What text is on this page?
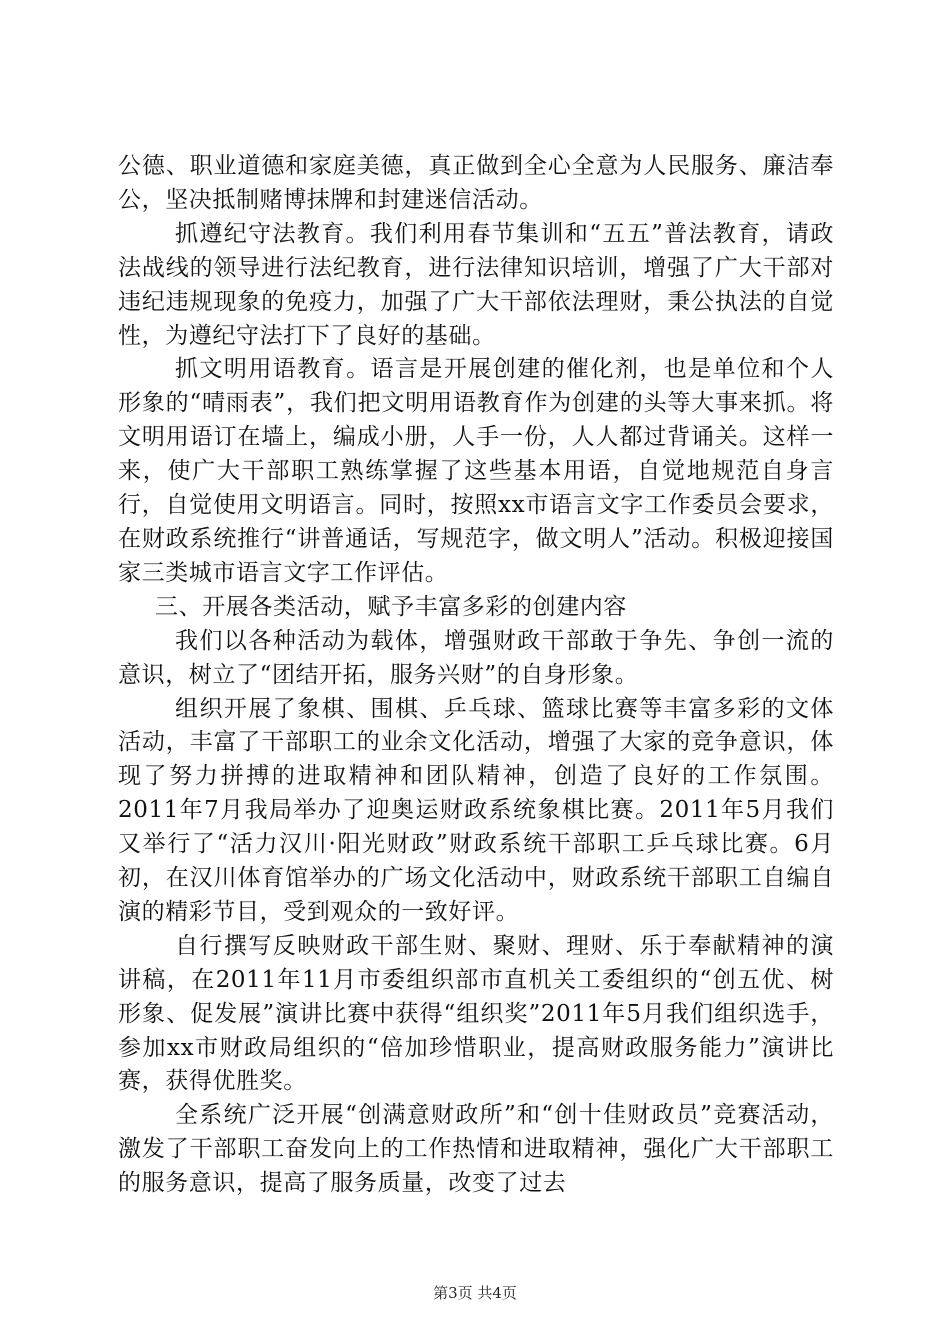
公德、职业道德和家庭美德，真正做到全心全意为人民服务、廉洁奉公，坚决抵制赌博抹牌和封建迷信活动。

抓遵纪守法教育。我们利用春节集训和“五五”普法教育，请政法战线的领导进行法纪教育，进行法律知识培训，增强了广大干部对违纪违规现象的免疫力，加强了广大干部依法理财，秉公执法的自觉性，为遵纪守法打下了良好的基础。

抓文明用语教育。语言是开展创建的催化剂，也是单位和个人形象的“晴雨表”，我们把文明用语教育作为创建的头等大事来抓。将文明用语订在墙上，编成小册，人手一份，人人都过背诵关。这样一来，使广大干部职工熟练掌握了这些基本用语，自觉地规范自身言行，自觉使用文明语言。同时，按照xx市语言文字工作委员会要求，在财政系统推行“讲普通话，写规范字，做文明人”活动。积极迎接国家三类城市语言文字工作评估。

三、开展各类活动，赋予丰富多彩的创建内容

我们以各种活动为载体，增强财政干部敢于争先、争创一流的意识，树立了“团结开拓，服务兴财”的自身形象。

组织开展了象棋、围棋、乒乓球、篮球比赛等丰富多彩的文体活动，丰富了干部职工的业余文化活动，增强了大家的竞争意识，体现了努力拼搏的进取精神和团队精神，创造了良好的工作氛围。2011年7月我局举办了迎奥运财政系统象棋比赛。2011年5月我们又举行了“活力汉川·阳光财政”财政系统干部职工乒乓球比赛。6月初，在汉川体育馆举办的广场文化活动中，财政系统干部职工自编自演的精彩节目，受到观众的一致好评。

自行撰写反映财政干部生财、聚财、理财、乐于奉献精神的演讲稿，在2011年11月市委组织部市直机关工委组织的“创五优、树形象、促发展”演讲比赛中获得“组织奖”2011年5月我们组织选手，参加xx市财政局组织的“倍加珍惜职业，提高财政服务能力”演讲比赛，获得优胜奖。

全系统广泛开展“创满意财政所”和“创十佳财政员”竞赛活动，激发了干部职工奋发向上的工作热情和进取精神，强化广大干部职工的服务意识，提高了服务质量，改变了过去

第3页 共4页
